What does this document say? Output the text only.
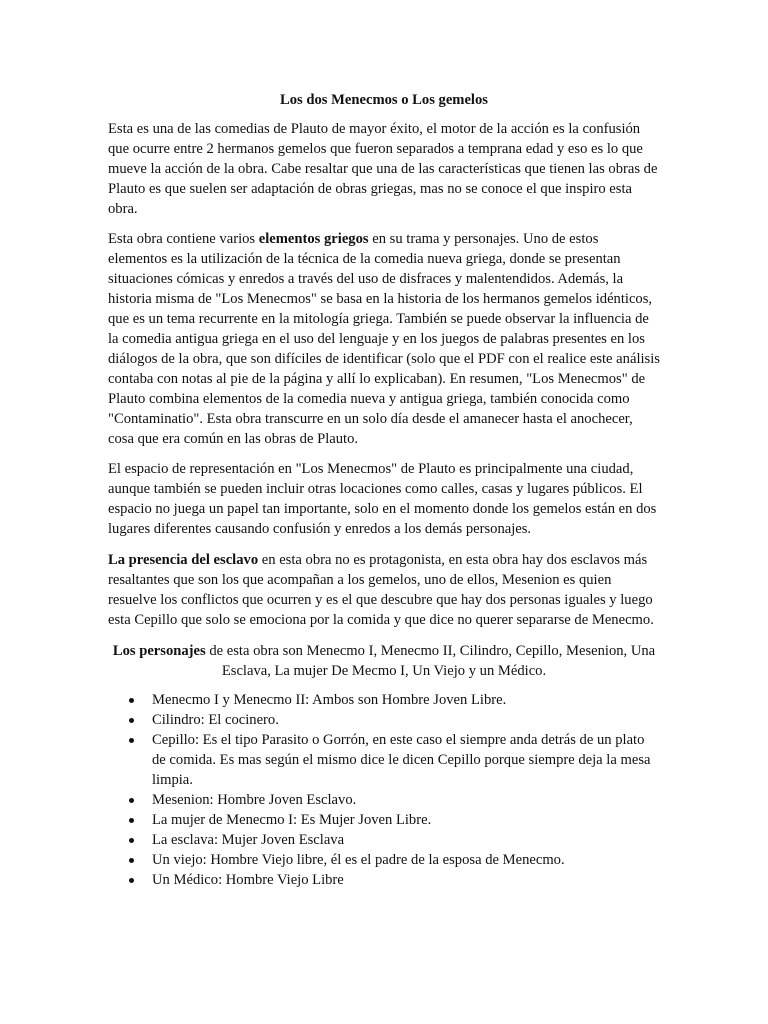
Los dos Menecmos o Los gemelos

Esta es una de las comedias de Plauto de mayor éxito, el motor de la acción es la confusión que ocurre entre 2 hermanos gemelos que fueron separados a temprana edad y eso es lo que mueve la acción de la obra. Cabe resaltar que una de las características que tienen las obras de Plauto es que suelen ser adaptación de obras griegas, mas no se conoce el que inspiro esta obra.

Esta obra contiene varios elementos griegos en su trama y personajes. Uno de estos elementos es la utilización de la técnica de la comedia nueva griega, donde se presentan situaciones cómicas y enredos a través del uso de disfraces y malentendidos. Además, la historia misma de "Los Menecmos" se basa en la historia de los hermanos gemelos idénticos, que es un tema recurrente en la mitología griega. También se puede observar la influencia de la comedia antigua griega en el uso del lenguaje y en los juegos de palabras presentes en los diálogos de la obra, que son difíciles de identificar (solo que el PDF con el realice este análisis contaba con notas al pie de la página y allí lo explicaban). En resumen, "Los Menecmos" de Plauto combina elementos de la comedia nueva y antigua griega, también conocida como "Contaminatio". Esta obra transcurre en un solo día desde el amanecer hasta el anochecer, cosa que era común en las obras de Plauto.

El espacio de representación en "Los Menecmos" de Plauto es principalmente una ciudad, aunque también se pueden incluir otras locaciones como calles, casas y lugares públicos. El espacio no juega un papel tan importante, solo en el momento donde los gemelos están en dos lugares diferentes causando confusión y enredos a los demás personajes.

La presencia del esclavo en esta obra no es protagonista, en esta obra hay dos esclavos más resaltantes que son los que acompañan a los gemelos, uno de ellos, Mesenion es quien resuelve los conflictos que ocurren y es el que descubre que hay dos personas iguales y luego esta Cepillo que solo se emociona por la comida y que dice no querer separarse de Menecmo.

Los personajes de esta obra son Menecmo I, Menecmo II, Cilindro, Cepillo, Mesenion, Una Esclava, La mujer De Mecmo I, Un Viejo y un Médico.

Menecmo I y Menecmo II: Ambos son Hombre Joven Libre.
Cilindro: El cocinero.
Cepillo: Es el tipo Parasito o Gorrón, en este caso el siempre anda detrás de un plato de comida. Es mas según el mismo dice le dicen Cepillo porque siempre deja la mesa limpia.
Mesenion: Hombre Joven Esclavo.
La mujer de Menecmo I: Es Mujer Joven Libre.
La esclava: Mujer Joven Esclava
Un viejo: Hombre Viejo libre, él es el padre de la esposa de Menecmo.
Un Médico: Hombre Viejo Libre
